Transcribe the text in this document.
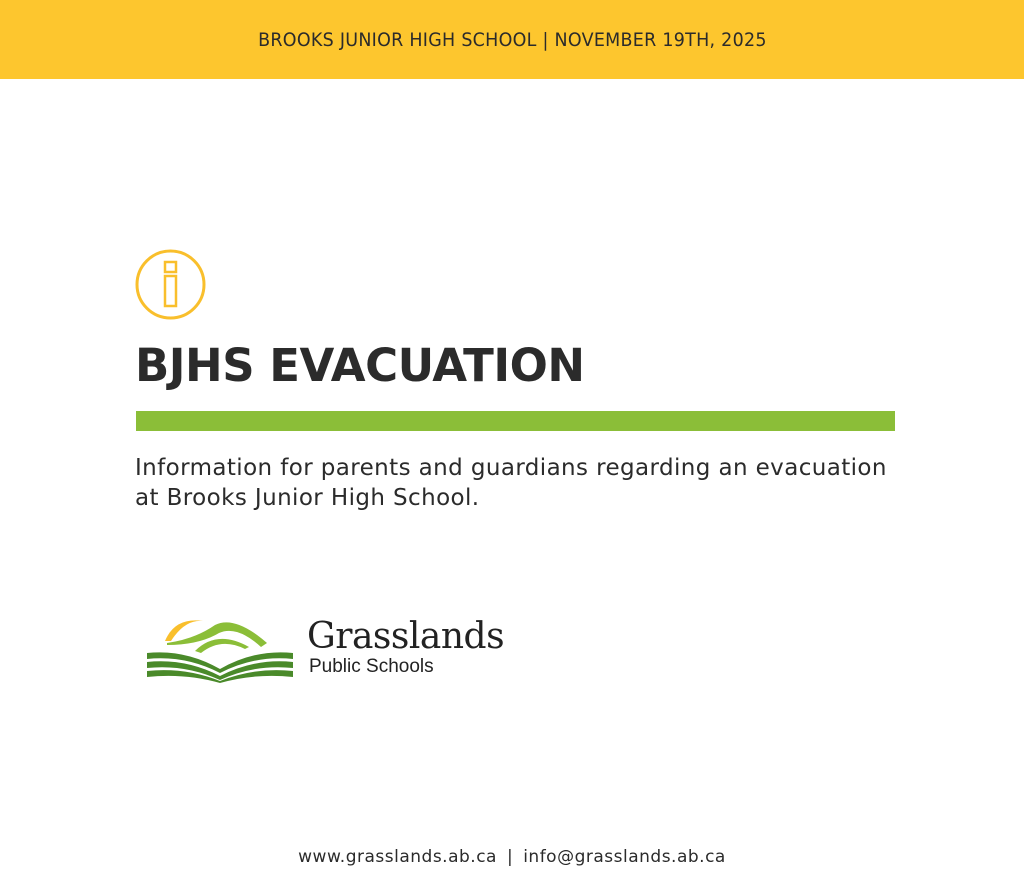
BROOKS JUNIOR HIGH SCHOOL | NOVEMBER 19TH, 2025
BJHS EVACUATION

Information for parents and guardians regarding an evacuation at Brooks Junior High School.

Grasslands
Public Schools
www.grasslands.ab.ca | info@grasslands.ab.ca
